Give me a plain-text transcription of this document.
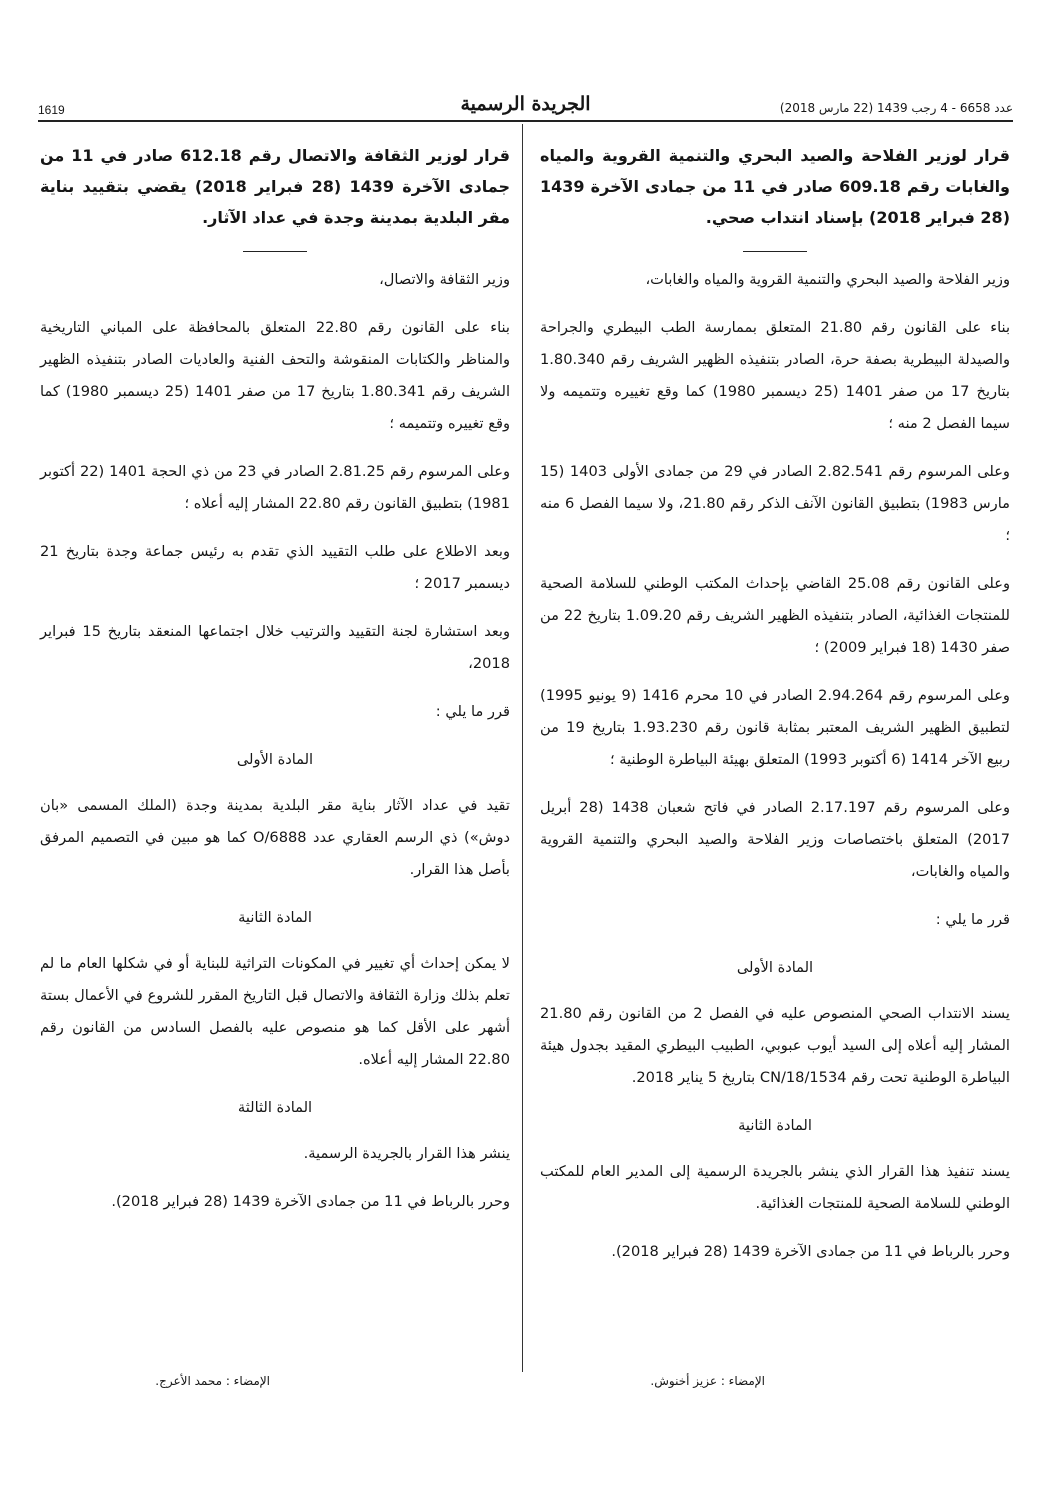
عدد 6658 - 4 رجب 1439 (22 مارس 2018)
الجريدة الرسمية
1619
قرار لوزير الفلاحة والصيد البحري والتنمية القروية والمياه والغابات رقم 609.18 صادر في 11 من جمادى الآخرة 1439 (28 فبراير 2018) بإسناد انتداب صحي.

وزير الفلاحة والصيد البحري والتنمية القروية والمياه والغابات،

بناء على القانون رقم 21.80 المتعلق بممارسة الطب البيطري والجراحة والصيدلة البيطرية بصفة حرة، الصادر بتنفيذه الظهير الشريف رقم 1.80.340 بتاريخ 17 من صفر 1401 (25 ديسمبر 1980) كما وقع تغييره وتتميمه ولا سيما الفصل 2 منه ؛

وعلى المرسوم رقم 2.82.541 الصادر في 29 من جمادى الأولى 1403 (15 مارس 1983) بتطبيق القانون الآنف الذكر رقم 21.80، ولا سيما الفصل 6 منه ؛

وعلى القانون رقم 25.08 القاضي بإحداث المكتب الوطني للسلامة الصحية للمنتجات الغذائية، الصادر بتنفيذه الظهير الشريف رقم 1.09.20 بتاريخ 22 من صفر 1430 (18 فبراير 2009) ؛

وعلى المرسوم رقم 2.94.264 الصادر في 10 محرم 1416 (9 يونيو 1995) لتطبيق الظهير الشريف المعتبر بمثابة قانون رقم 1.93.230 بتاريخ 19 من ربيع الآخر 1414 (6 أكتوبر 1993) المتعلق بهيئة البياطرة الوطنية ؛

وعلى المرسوم رقم 2.17.197 الصادر في فاتح شعبان 1438 (28 أبريل 2017) المتعلق باختصاصات وزير الفلاحة والصيد البحري والتنمية القروية والمياه والغابات،

قرر ما يلي :

المادة الأولى

يسند الانتداب الصحي المنصوص عليه في الفصل 2 من القانون رقم 21.80 المشار إليه أعلاه إلى السيد أيوب عبوبي، الطبيب البيطري المقيد بجدول هيئة البياطرة الوطنية تحت رقم 1534/CN/18 بتاريخ 5 يناير 2018.

المادة الثانية

يسند تنفيذ هذا القرار الذي ينشر بالجريدة الرسمية إلى المدير العام للمكتب الوطني للسلامة الصحية للمنتجات الغذائية.

وحرر بالرباط في 11 من جمادى الآخرة 1439 (28 فبراير 2018).

قرار لوزير الثقافة والاتصال رقم 612.18 صادر في 11 من جمادى الآخرة 1439 (28 فبراير 2018) يقضي بتقييد بناية مقر البلدية بمدينة وجدة في عداد الآثار.

وزير الثقافة والاتصال،

بناء على القانون رقم 22.80 المتعلق بالمحافظة على المباني التاريخية والمناظر والكتابات المنقوشة والتحف الفنية والعاديات الصادر بتنفيذه الظهير الشريف رقم 1.80.341 بتاريخ 17 من صفر 1401 (25 ديسمبر 1980) كما وقع تغييره وتتميمه ؛

وعلى المرسوم رقم 2.81.25 الصادر في 23 من ذي الحجة 1401 (22 أكتوبر 1981) بتطبيق القانون رقم 22.80 المشار إليه أعلاه ؛

وبعد الاطلاع على طلب التقييد الذي تقدم به رئيس جماعة وجدة بتاريخ 21 ديسمبر 2017 ؛

وبعد استشارة لجنة التقييد والترتيب خلال اجتماعها المنعقد بتاريخ 15 فبراير 2018،

قرر ما يلي :

المادة الأولى

تقيد في عداد الآثار بناية مقر البلدية بمدينة وجدة (الملك المسمى «بان دوش») ذي الرسم العقاري عدد O/6888 كما هو مبين في التصميم المرفق بأصل هذا القرار.

المادة الثانية

لا يمكن إحداث أي تغيير في المكونات التراثية للبناية أو في شكلها العام ما لم تعلم بذلك وزارة الثقافة والاتصال قبل التاريخ المقرر للشروع في الأعمال بستة أشهر على الأقل كما هو منصوص عليه بالفصل السادس من القانون رقم 22.80 المشار إليه أعلاه.

المادة الثالثة

ينشر هذا القرار بالجريدة الرسمية.

وحرر بالرباط في 11 من جمادى الآخرة 1439 (28 فبراير 2018).

الإمضاء : عزيز أخنوش.
الإمضاء : محمد الأعرج.
